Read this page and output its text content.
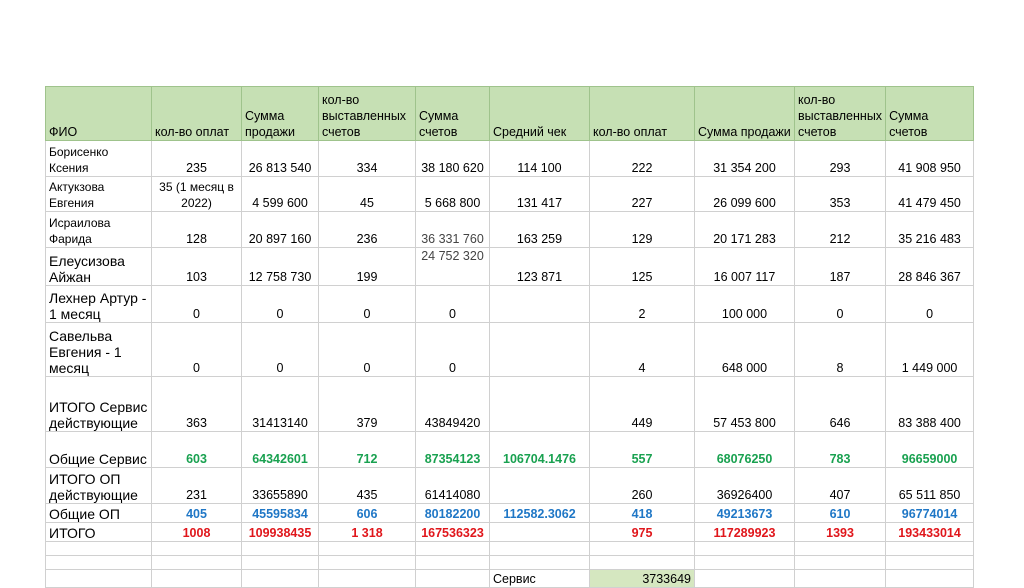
ФИО	кол-во оплат	Сумма продажи	кол-во выставленных счетов	Сумма счетов	Средний чек	кол-во оплат	Сумма продажи	кол-во выставленных счетов	Сумма счетов
Борисенко Ксения	235	26 813 540	334	38 180 620	114 100	222	31 354 200	293	41 908 950
Актукзова Евгения	35 (1 месяц в 2022)	4 599 600	45	5 668 800	131 417	227	26 099 600	353	41 479 450
Исраилова Фарида	128	20 897 160	236	36 331 760	163 259	129	20 171 283	212	35 216 483
Елеусизова Айжан	103	12 758 730	199	24 752 320	123 871	125	16 007 117	187	28 846 367
Лехнер Артур - 1 месяц	0	0	0	0		2	100 000	0	0
Савельва Евгения - 1 месяц	0	0	0	0		4	648 000	8	1 449 000
ИТОГО Сервис действующие	363	31413140	379	43849420		449	57 453 800	646	83 388 400
Общие Сервис	603	64342601	712	87354123	106704.1476	557	68076250	783	96659000
ИТОГО ОП действующие	231	33655890	435	61414080		260	36926400	407	65 511 850
Общие ОП	405	45595834	606	80182200	112582.3062	418	49213673	610	96774014
ИТОГО	1008	109938435	1 318	167536323		975	117289923	1393	193433014

					Сервис	3733649			
